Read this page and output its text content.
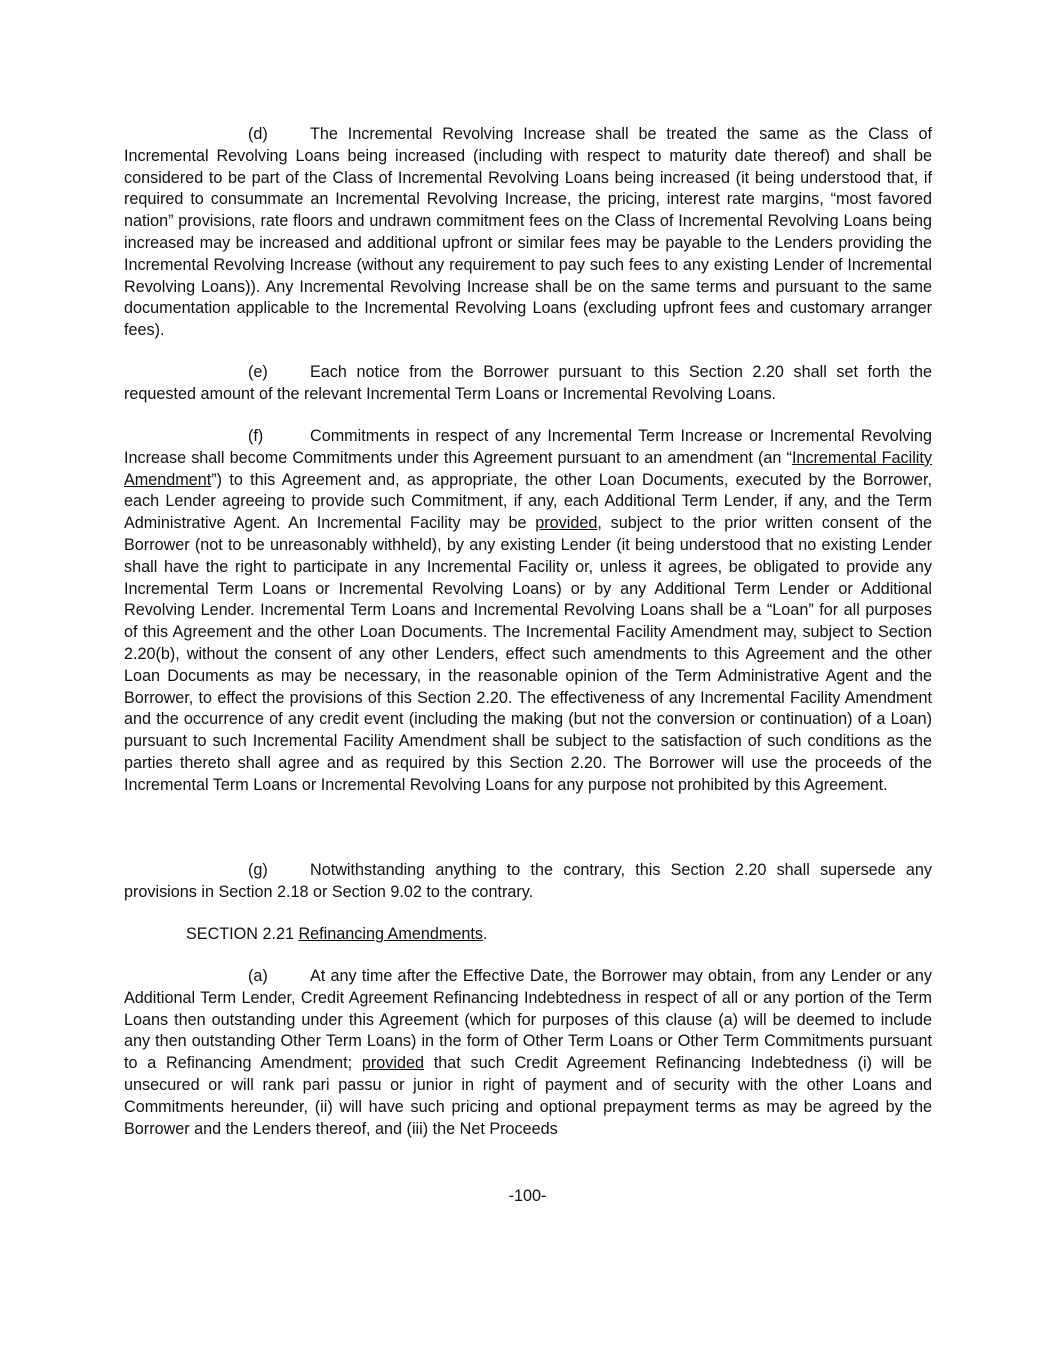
(d)	The Incremental Revolving Increase shall be treated the same as the Class of Incremental Revolving Loans being increased (including with respect to maturity date thereof) and shall be considered to be part of the Class of Incremental Revolving Loans being increased (it being understood that, if required to consummate an Incremental Revolving Increase, the pricing, interest rate margins, “most favored nation” provisions, rate floors and undrawn commitment fees on the Class of Incremental Revolving Loans being increased may be increased and additional upfront or similar fees may be payable to the Lenders providing the Incremental Revolving Increase (without any requirement to pay such fees to any existing Lender of Incremental Revolving Loans)). Any Incremental Revolving Increase shall be on the same terms and pursuant to the same documentation applicable to the Incremental Revolving Loans (excluding upfront fees and customary arranger fees).

(e)	Each notice from the Borrower pursuant to this Section 2.20 shall set forth the requested amount of the relevant Incremental Term Loans or Incremental Revolving Loans.

(f)	Commitments in respect of any Incremental Term Increase or Incremental Revolving Increase shall become Commitments under this Agreement pursuant to an amendment (an “Incremental Facility Amendment”) to this Agreement and, as appropriate, the other Loan Documents, executed by the Borrower, each Lender agreeing to provide such Commitment, if any, each Additional Term Lender, if any, and the Term Administrative Agent. An Incremental Facility may be provided, subject to the prior written consent of the Borrower (not to be unreasonably withheld), by any existing Lender (it being understood that no existing Lender shall have the right to participate in any Incremental Facility or, unless it agrees, be obligated to provide any Incremental Term Loans or Incremental Revolving Loans) or by any Additional Term Lender or Additional Revolving Lender. Incremental Term Loans and Incremental Revolving Loans shall be a “Loan” for all purposes of this Agreement and the other Loan Documents. The Incremental Facility Amendment may, subject to Section 2.20(b), without the consent of any other Lenders, effect such amendments to this Agreement and the other Loan Documents as may be necessary, in the reasonable opinion of the Term Administrative Agent and the Borrower, to effect the provisions of this Section 2.20. The effectiveness of any Incremental Facility Amendment and the occurrence of any credit event (including the making (but not the conversion or continuation) of a Loan) pursuant to such Incremental Facility Amendment shall be subject to the satisfaction of such conditions as the parties thereto shall agree and as required by this Section 2.20. The Borrower will use the proceeds of the Incremental Term Loans or Incremental Revolving Loans for any purpose not prohibited by this Agreement.

(g)	Notwithstanding anything to the contrary, this Section 2.20 shall supersede any provisions in Section 2.18 or Section 9.02 to the contrary.

SECTION 2.21 Refinancing Amendments.

(a)	At any time after the Effective Date, the Borrower may obtain, from any Lender or any Additional Term Lender, Credit Agreement Refinancing Indebtedness in respect of all or any portion of the Term Loans then outstanding under this Agreement (which for purposes of this clause (a) will be deemed to include any then outstanding Other Term Loans) in the form of Other Term Loans or Other Term Commitments pursuant to a Refinancing Amendment; provided that such Credit Agreement Refinancing Indebtedness (i) will be unsecured or will rank pari passu or junior in right of payment and of security with the other Loans and Commitments hereunder, (ii) will have such pricing and optional prepayment terms as may be agreed by the Borrower and the Lenders thereof, and (iii) the Net Proceeds

-100-
